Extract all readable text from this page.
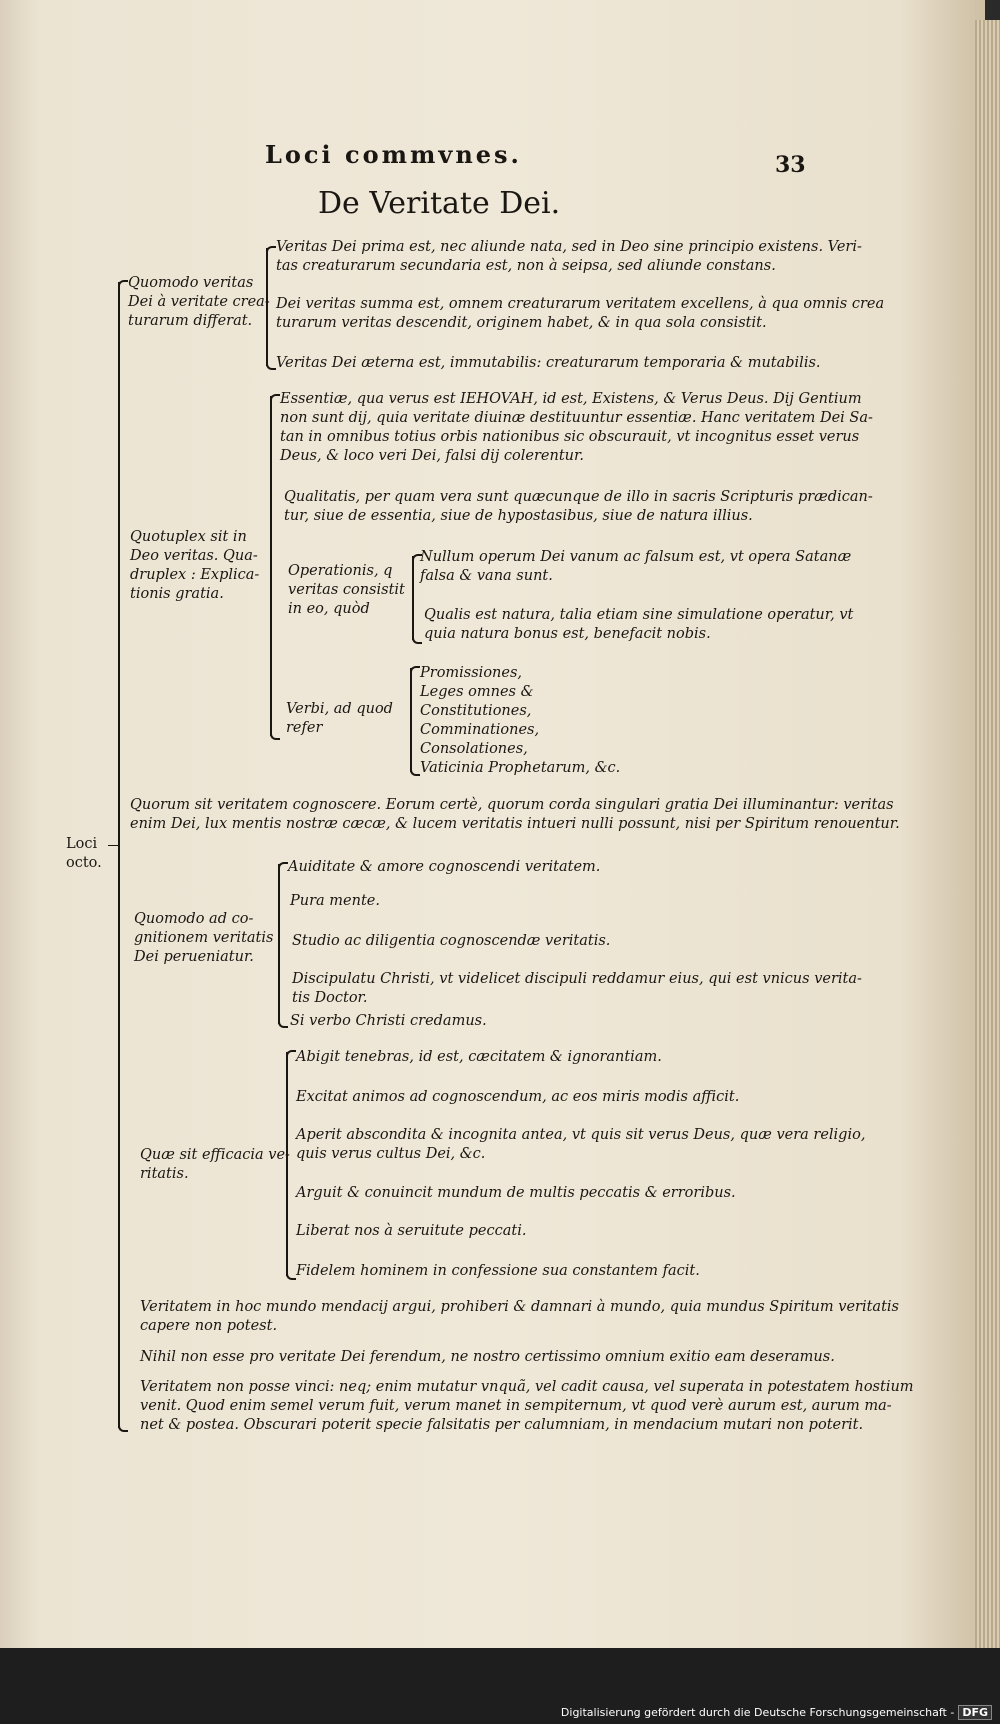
Loci commvnes.	33
De Veritate Dei.
Loci
octo.
Quomodo veritas
Dei à veritate crea-
turarum differat.
Veritas Dei prima est, nec aliunde nata, sed in Deo sine principio existens. Veri-
tas creaturarum secundaria est, non à seipsa, sed aliunde constans.
Dei veritas summa est, omnem creaturarum veritatem excellens, à qua omnis crea
turarum veritas descendit, originem habet, & in qua sola consistit.
Veritas Dei æterna est, immutabilis: creaturarum temporaria & mutabilis.
Quotuplex sit in
Deo veritas. Qua-
druplex : Explica-
tionis gratia.
Essentiæ, qua verus est IEHOVAH, id est, Existens, & Verus Deus. Dij Gentium
non sunt dij, quia veritate diuinæ destituuntur essentiæ. Hanc veritatem Dei Sa-
tan in omnibus totius orbis nationibus sic obscurauit, vt incognitus esset verus
Deus, & loco veri Dei, falsi dij colerentur.
Qualitatis, per quam vera sunt quæcunque de illo in sacris Scripturis prædican-
tur, siue de essentia, siue de hypostasibus, siue de natura illius.
Operationis, q
veritas consistit
in eo, quòd
Nullum operum Dei vanum ac falsum est, vt opera Satanæ
falsa & vana sunt.
Qualis est natura, talia etiam sine simulatione operatur, vt
quia natura bonus est, benefacit nobis.
Verbi, ad quod
refer
Promissiones,
Leges omnes &
Constitutiones,
Comminationes,
Consolationes,
Vaticinia Prophetarum, &c.
Quorum sit veritatem cognoscere. Eorum certè, quorum corda singulari gratia Dei illuminantur: veritas
enim Dei, lux mentis nostræ cæcæ, & lucem veritatis intueri nulli possunt, nisi per Spiritum renouentur.
Quomodo ad co-
gnitionem veritatis
Dei perueniatur.
Auiditate & amore cognoscendi veritatem.
Pura mente.
Studio ac diligentia cognoscendæ veritatis.
Discipulatu Christi, vt videlicet discipuli reddamur eius, qui est vnicus verita-
tis Doctor.
Si verbo Christi credamus.
Quæ sit efficacia ve-
ritatis.
Abigit tenebras, id est, cæcitatem & ignorantiam.
Excitat animos ad cognoscendum, ac eos miris modis afficit.
Aperit abscondita & incognita antea, vt quis sit verus Deus, quæ vera religio,
quis verus cultus Dei, &c.
Arguit & conuincit mundum de multis peccatis & erroribus.
Liberat nos à seruitute peccati.
Fidelem hominem in confessione sua constantem facit.
Veritatem in hoc mundo mendacij argui, prohiberi & damnari à mundo, quia mundus Spiritum veritatis
capere non potest.
Nihil non esse pro veritate Dei ferendum, ne nostro certissimo omnium exitio eam deseramus.
Veritatem non posse vinci: neq; enim mutatur vnquã, vel cadit causa, vel superata in potestatem hostium
venit. Quod enim semel verum fuit, verum manet in sempiternum, vt quod verè aurum est, aurum ma-
net & postea. Obscurari poterit specie falsitatis per calumniam, in mendacium mutari non poterit.
Digitalisierung gefördert durch die Deutsche Forschungsgemeinschaft - DFG
